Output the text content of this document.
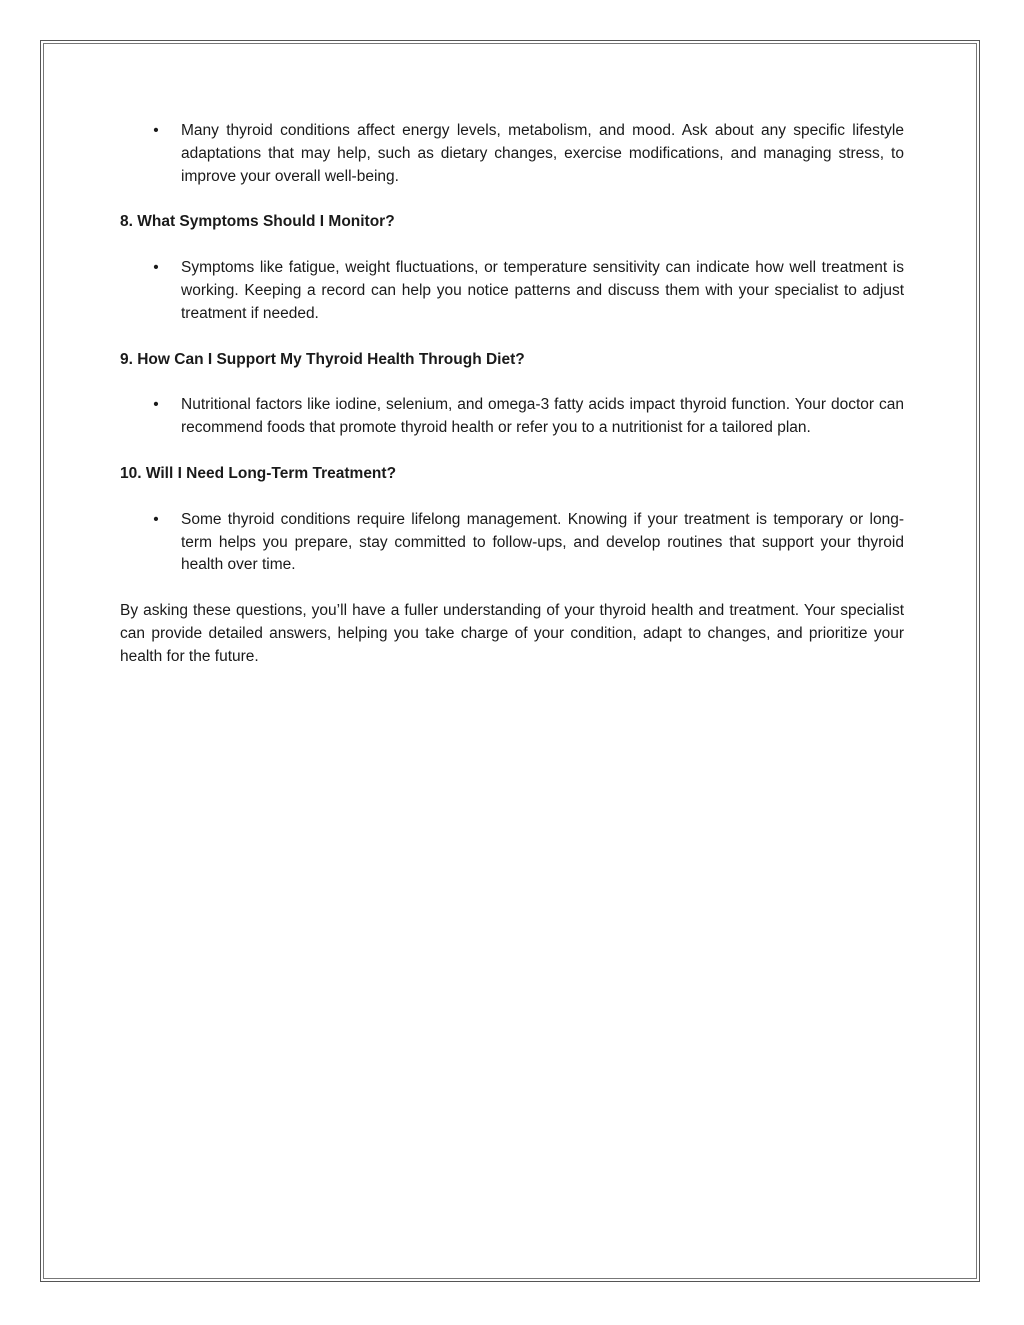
• Many thyroid conditions affect energy levels, metabolism, and mood. Ask about any specific lifestyle adaptations that may help, such as dietary changes, exercise modifications, and managing stress, to improve your overall well-being.

8. What Symptoms Should I Monitor?

• Symptoms like fatigue, weight fluctuations, or temperature sensitivity can indicate how well treatment is working. Keeping a record can help you notice patterns and discuss them with your specialist to adjust treatment if needed.

9. How Can I Support My Thyroid Health Through Diet?

• Nutritional factors like iodine, selenium, and omega-3 fatty acids impact thyroid function. Your doctor can recommend foods that promote thyroid health or refer you to a nutritionist for a tailored plan.

10. Will I Need Long-Term Treatment?

• Some thyroid conditions require lifelong management. Knowing if your treatment is temporary or long-term helps you prepare, stay committed to follow-ups, and develop routines that support your thyroid health over time.

By asking these questions, you’ll have a fuller understanding of your thyroid health and treatment. Your specialist can provide detailed answers, helping you take charge of your condition, adapt to changes, and prioritize your health for the future.
